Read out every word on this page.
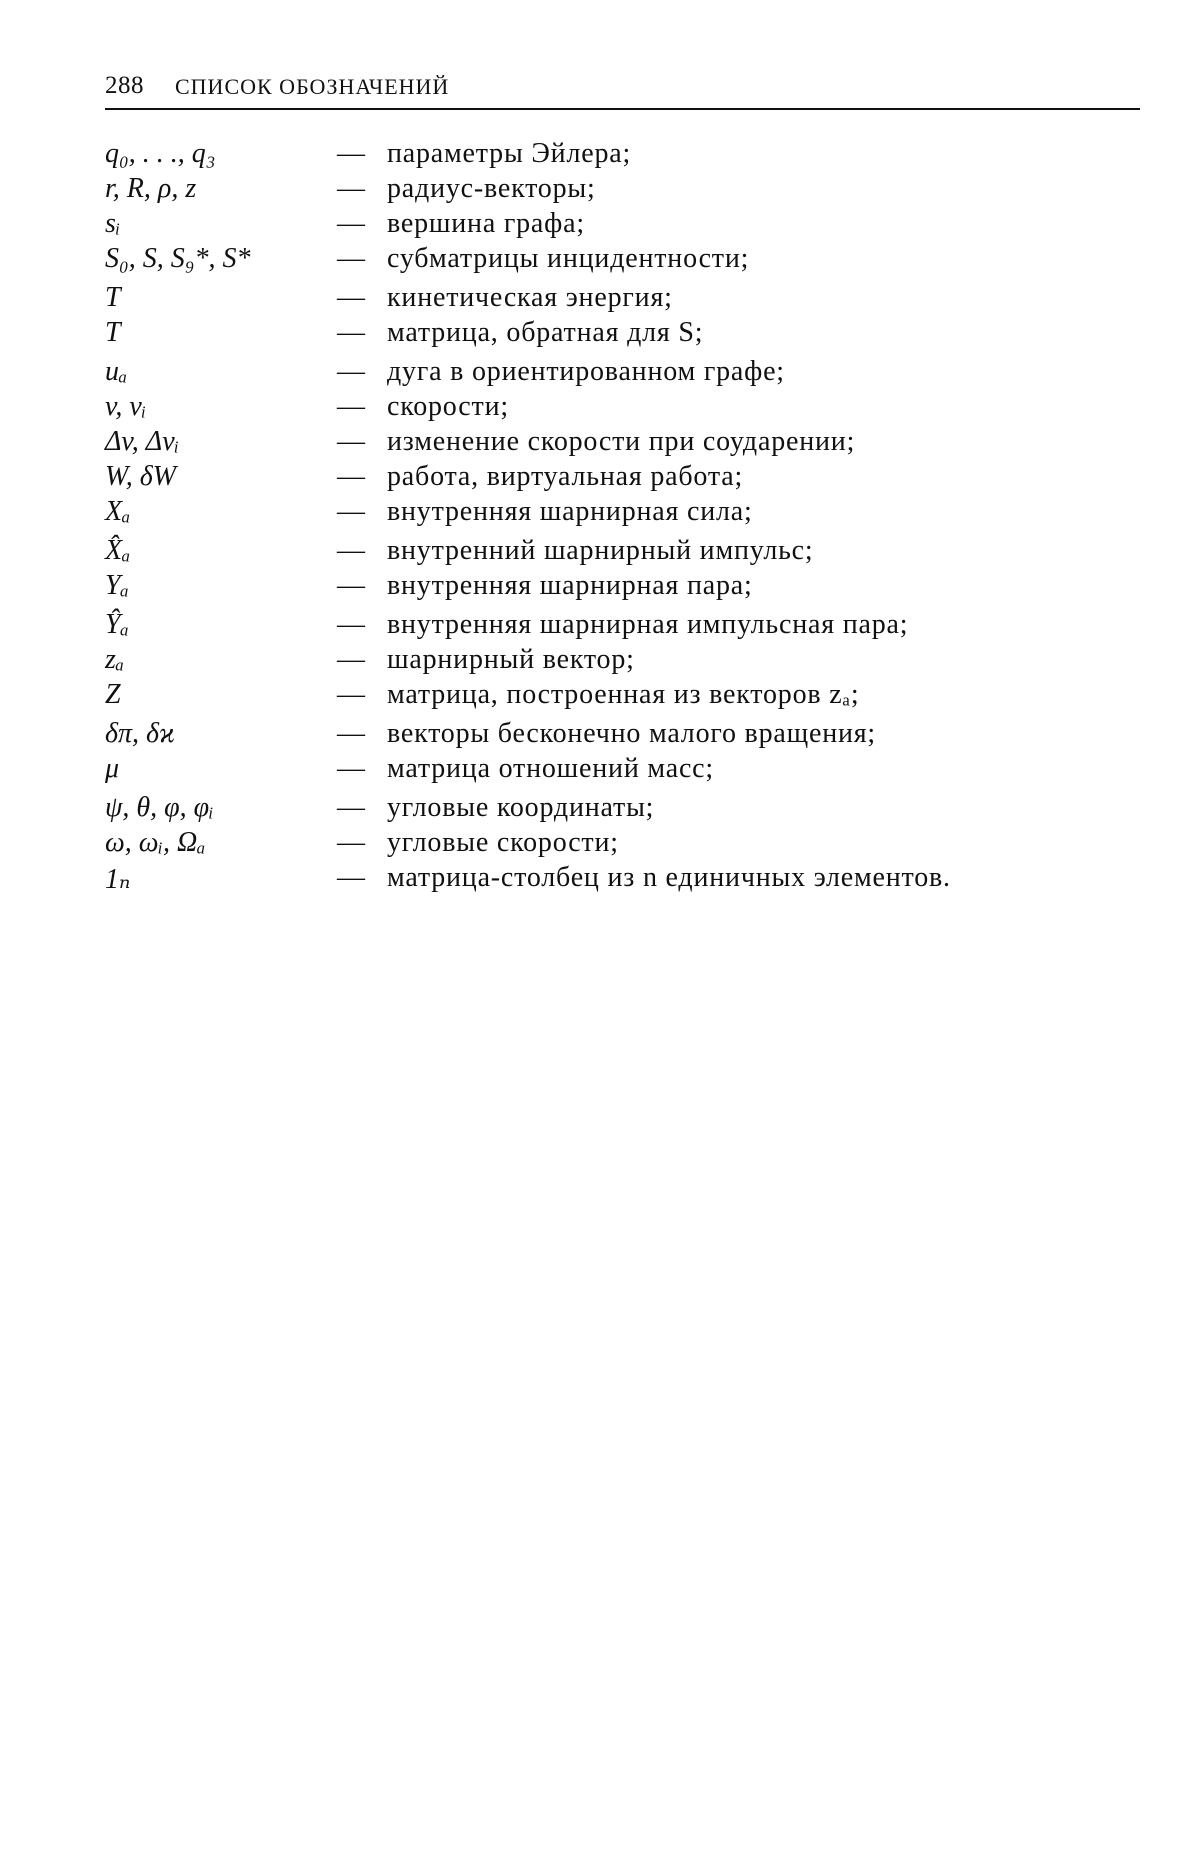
288 СПИСОК ОБОЗНАЧЕНИЙ
q₀, . . ., q₃	— параметры Эйлера;
r, R, ρ, z	— радиус-векторы;
sᵢ	— вершина графа;
S₀, S, S₉*, S*	— субматрицы инцидентности;
T	— кинетическая энергия;
T	— матрица, обратная для S;
uₐ	— дуга в ориентированном графе;
v, vᵢ	— скорости;
Δv, Δvᵢ	— изменение скорости при соударении;
W, δW	— работа, виртуальная работа;
Xₐ	— внутренняя шарнирная сила;
X̂ₐ	— внутренний шарнирный импульс;
Yₐ	— внутренняя шарнирная пара;
Ŷₐ	— внутренняя шарнирная импульсная пара;
zₐ	— шарнирный вектор;
Z	— матрица, построенная из векторов zₐ;
δπ, δϰ	— векторы бесконечно малого вращения;
μ	— матрица отношений масс;
ψ, θ, φ, φᵢ	— угловые координаты;
ω, ωᵢ, Ωₐ	— угловые скорости;
1ₙ	— матрица-столбец из n единичных элементов.
